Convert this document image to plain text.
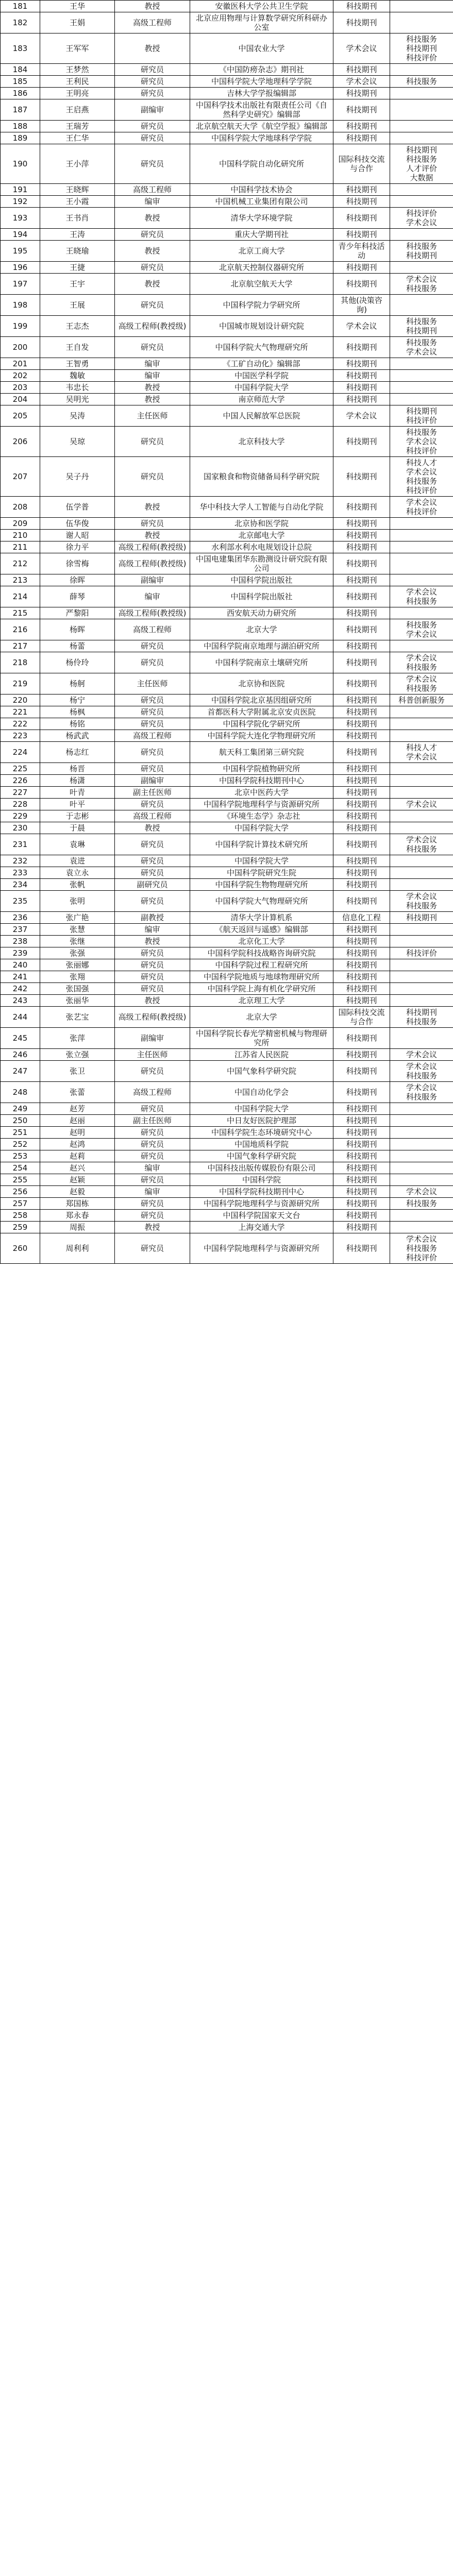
181	王华	教授	安徽医科大学公共卫生学院	科技期刊	

182	王娟	高级工程师	北京应用物理与计算数学研究所科研办公室	科技期刊	

183	王军军	教授	中国农业大学	学术会议	科技服务
科技期刊
科技评价

184	王梦然	研究员	《中国防痨杂志》期刊社	科技期刊	

185	王利民	研究员	中国科学院大学地理科学学院	学术会议	科技服务

186	王明亮	研究员	吉林大学学报编辑部	科技期刊	

187	王启燕	副编审	中国科学技术出版社有限责任公司《自然科学史研究》编辑部	科技期刊	

188	王瑞芳	研究员	北京航空航天大学《航空学报》编辑部	科技期刊	

189	王仁华	研究员	中国科学院大学地球科学学院	科技期刊	

190	王小萍	研究员	中国科学院自动化研究所	国际科技交流与合作	科技期刊
科技服务
人才评价
大数据

191	王晓辉	高级工程师	中国科学技术协会	科技期刊	

192	王小霞	编审	中国机械工业集团有限公司	科技期刊	

193	王书肖	教授	清华大学环境学院	科技期刊	科技评价
学术会议

194	王涛	研究员	重庆大学期刊社	科技期刊	

195	王晓瑜	教授	北京工商大学	青少年科技活动	科技服务
科技期刊

196	王捷	研究员	北京航天控制仪器研究所	科技期刊	

197	王宇	教授	北京航空航天大学	科技期刊	学术会议
科技服务

198	王展	研究员	中国科学院力学研究所	其他(决策咨询)	

199	王志杰	高级工程师(教授级)	中国城市规划设计研究院	学术会议	科技服务
科技期刊

200	王自发	研究员	中国科学院大气物理研究所	科技期刊	科技服务
学术会议

201	王智勇	编审	《工矿自动化》编辑部	科技期刊	

202	魏敏	编审	中国医学科学院	科技期刊	

203	韦忠长	教授	中国科学院大学	科技期刊	

204	吴明光	教授	南京师范大学	科技期刊	

205	吴涛	主任医师	中国人民解放军总医院	学术会议	科技期刊
科技评价

206	吴琼	研究员	北京科技大学	科技期刊	科技服务
学术会议
科技评价

207	吴子丹	研究员	国家粮食和物资储备局科学研究院	科技期刊	科技人才
学术会议
科技服务
科技评价

208	伍学普	教授	华中科技大学人工智能与自动化学院	科技期刊	学术会议
科技评价

209	伍华俊	研究员	北京协和医学院	科技期刊	

210	谢人昭	教授	北京邮电大学	科技期刊	

211	徐力平	高级工程师(教授级)	水利部水利水电规划设计总院	科技期刊	

212	徐雪梅	高级工程师(教授级)	中国电建集团华东勘测设计研究院有限公司	科技期刊	

213	徐晖	副编审	中国科学院出版社	科技期刊	

214	薛琴	编审	中国科学院出版社	科技期刊	学术会议
科技服务

215	严黎阳	高级工程师(教授级)	西安航天动力研究所	科技期刊	

216	杨晖	高级工程师	北京大学	科技期刊	科技服务
学术会议

217	杨蕾	研究员	中国科学院南京地理与湖泊研究所	科技期刊	

218	杨伶玲	研究员	中国科学院南京土壤研究所	科技期刊	学术会议
科技服务

219	杨舸	主任医师	北京协和医院	科技期刊	学术会议
科技服务

220	杨宁	研究员	中国科学院北京基因组研究所	科技期刊	科普创新服务

221	杨枫	研究员	首都医科大学附属北京安贞医院	科技期刊	

222	杨铭	研究员	中国科学院化学研究所	科技期刊	

223	杨武武	高级工程师	中国科学院大连化学物理研究所	科技期刊	

224	杨志红	研究员	航天科工集团第三研究院	科技期刊	科技人才
学术会议

225	杨晋	研究员	中国科学院植物研究所	科技期刊	

226	杨潇	副编审	中国科学院科技期刊中心	科技期刊	

227	叶青	副主任医师	北京中医药大学	科技期刊	

228	叶平	研究员	中国科学院地理科学与资源研究所	科技期刊	学术会议

229	于志彬	高级工程师	《环境生态学》杂志社	科技期刊	

230	于晨	教授	中国科学院大学	科技期刊	

231	袁琳	研究员	中国科学院计算技术研究所	科技期刊	学术会议
科技服务

232	袁进	研究员	中国科学院大学	科技期刊	

233	袁立永	研究员	中国科学院研究生院	科技期刊	

234	张帆	副研究员	中国科学院生物物理研究所	科技期刊	

235	张明	研究员	中国科学院大气物理研究所	科技期刊	学术会议
科技服务

236	张广艳	副教授	清华大学计算机系	信息化工程	科技期刊

237	张慧	编审	《航天返回与遥感》编辑部	科技期刊	

238	张继	教授	北京化工大学	科技期刊	

239	张强	研究员	中国科学院科技战略咨询研究院	科技期刊	科技评价

240	张丽娜	研究员	中国科学院过程工程研究所	科技期刊	

241	张翔	研究员	中国科学院地质与地球物理研究所	科技期刊	

242	张国强	研究员	中国科学院上海有机化学研究所	科技期刊	

243	张丽华	教授	北京理工大学	科技期刊	

244	张艺宝	高级工程师(教授级)	北京大学	国际科技交流与合作	科技期刊
科技服务

245	张萍	副编审	中国科学院长春光学精密机械与物理研究所	科技期刊	

246	张立强	主任医师	江苏省人民医院	科技期刊	学术会议

247	张卫	研究员	中国气象科学研究院	科技期刊	学术会议
科技服务

248	张蕾	高级工程师	中国自动化学会	科技期刊	学术会议
科技服务

249	赵芳	研究员	中国科学院大学	科技期刊	

250	赵丽	副主任医师	中日友好医院护理部	科技期刊	

251	赵明	研究员	中国科学院生态环境研究中心	科技期刊	

252	赵鸿	研究员	中国地质科学院	科技期刊	

253	赵莉	研究员	中国气象科学研究院	科技期刊	

254	赵兴	编审	中国科技出版传媒股份有限公司	科技期刊	

255	赵颖	研究员	中国科学院	科技期刊	

256	赵毅	编审	中国科学院科技期刊中心	科技期刊	学术会议

257	郑国栋	研究员	中国科学院地理科学与资源研究所	科技期刊	科技服务

258	郑永春	研究员	中国科学院国家天文台	科技期刊	

259	周振	教授	上海交通大学	科技期刊	

260	周利利	研究员	中国科学院地理科学与资源研究所	科技期刊	学术会议
科技服务
科技评价
